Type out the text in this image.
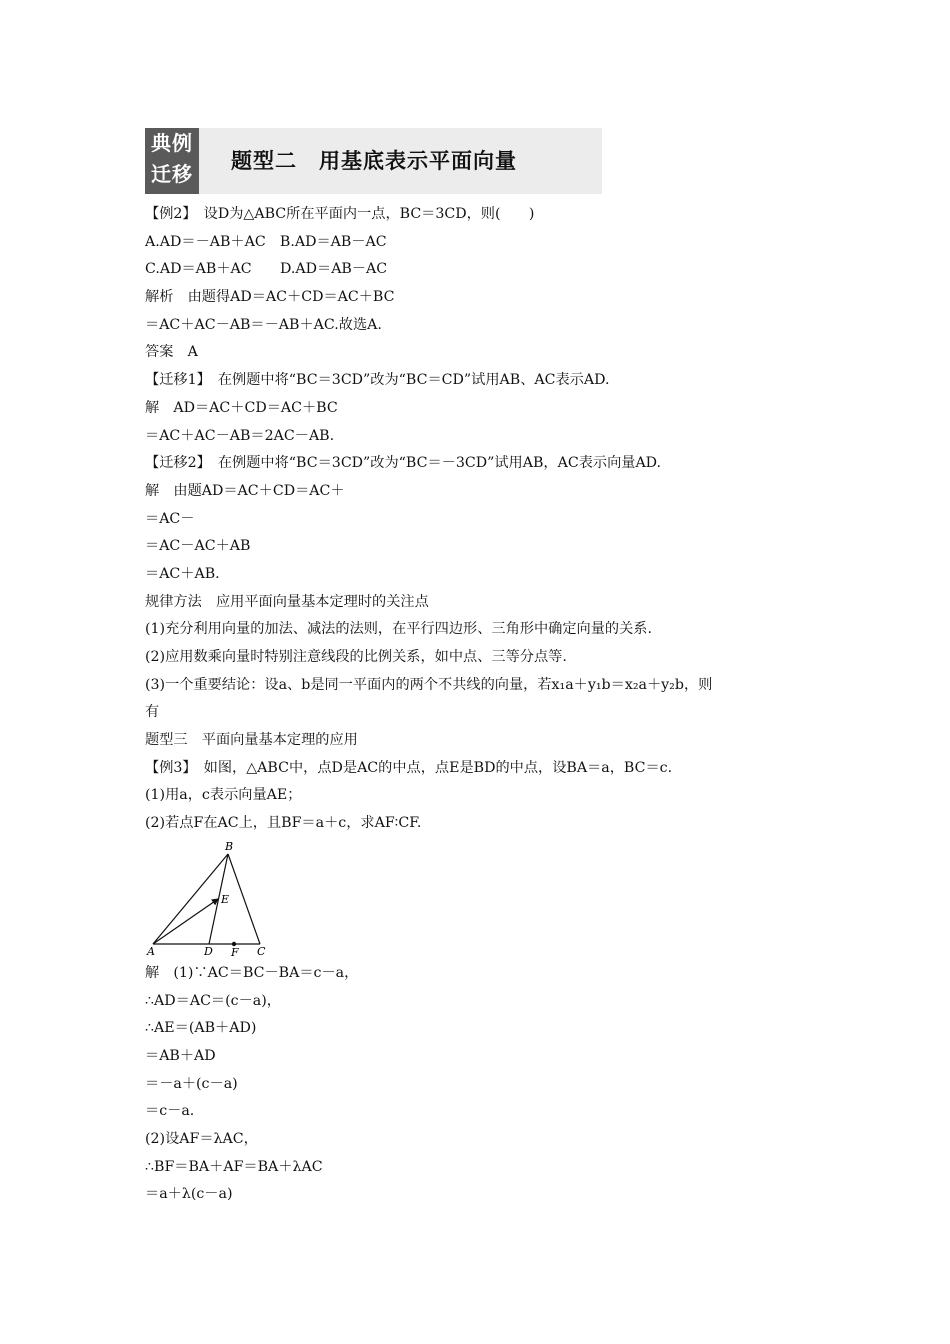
典例
迁移
题型二　用基底表示平面向量
【例2】　设D为△ABC所在平面内一点，BC＝3CD，则(　　)
A.AD＝－AB＋AC　B.AD＝AB－AC
C.AD＝AB＋AC　　D.AD＝AB－AC
解析　由题得AD＝AC＋CD＝AC＋BC
＝AC＋AC－AB＝－AB＋AC.故选A.
答案　A
【迁移1】　在例题中将“BC＝3CD”改为“BC＝CD”试用AB、AC表示AD.
解　AD＝AC＋CD＝AC＋BC
＝AC＋AC－AB＝2AC－AB.
【迁移2】　在例题中将“BC＝3CD”改为“BC＝－3CD”试用AB，AC表示向量AD.
解　由题AD＝AC＋CD＝AC＋
＝AC－
＝AC－AC＋AB
＝AC＋AB.
规律方法　应用平面向量基本定理时的关注点
(1)充分利用向量的加法、减法的法则，在平行四边形、三角形中确定向量的关系.
(2)应用数乘向量时特别注意线段的比例关系，如中点、三等分点等.
(3)一个重要结论：设a、b是同一平面内的两个不共线的向量，若x₁a＋y₁b＝x₂a＋y₂b，则
有
题型三　平面向量基本定理的应用
【例3】　如图，△ABC中，点D是AC的中点，点E是BD的中点，设BA＝a，BC＝c.
(1)用a，c表示向量AE；
(2)若点F在AC上，且BF＝a＋c，求AF∶CF.
A
B
C
D
E
F
解　(1)∵AC＝BC－BA＝c－a，
∴AD＝AC＝(c－a)，
∴AE＝(AB＋AD)
＝AB＋AD
＝－a＋(c－a)
＝c－a.
(2)设AF＝λAC，
∴BF＝BA＋AF＝BA＋λAC
＝a＋λ(c－a)
